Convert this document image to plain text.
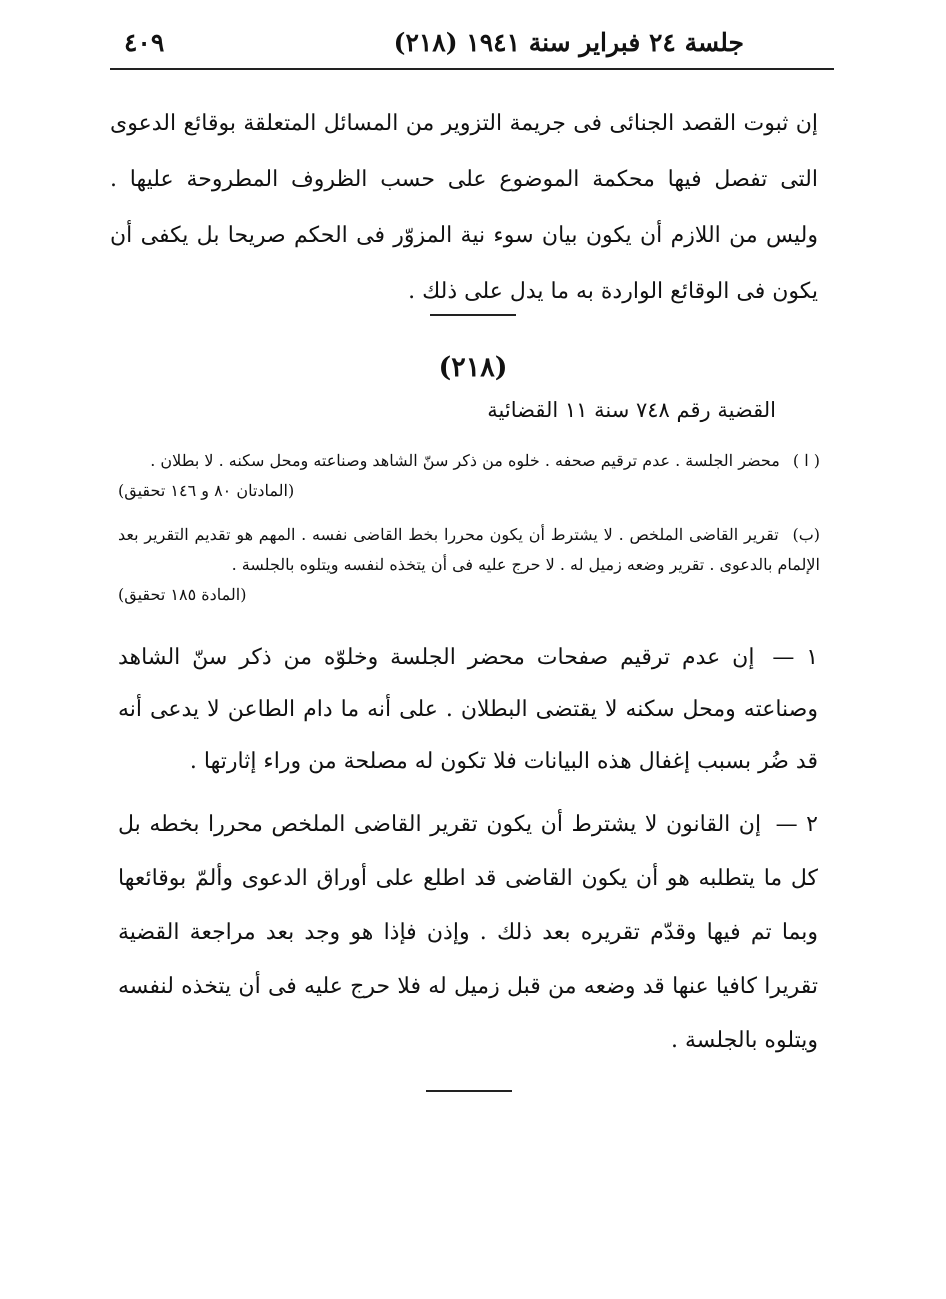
جلسة ٢٤ فبراير سنة ١٩٤١ (٢١٨)
٤٠٩

إن ثبوت القصد الجنائى فى جريمة التزوير من المسائل المتعلقة بوقائع الدعوى التى تفصل فيها محكمة الموضوع على حسب الظروف المطروحة عليها . وليس من اللازم أن يكون بيان سوء نية المزوّر فى الحكم صريحا بل يكفى أن يكون فى الوقائع الواردة به ما يدل على ذلك .

(٢١٨)
القضية رقم ٧٤٨ سنة ١١ القضائية
( ا ) محضر الجلسة . عدم ترقيم صحفه . خلوه من ذكر سنّ الشاهد وصناعته ومحل سكنه . لا بطلان .
(المادتان ٨٠ و ١٤٦ تحقيق)
(ب) تقرير القاضى الملخص . لا يشترط أن يكون محررا بخط القاضى نفسه . المهم هو تقديم التقرير بعد الإلمام بالدعوى . تقرير وضعه زميل له . لا حرج عليه فى أن يتخذه لنفسه ويتلوه بالجلسة .
(المادة ١٨٥ تحقيق)

١ — إن عدم ترقيم صفحات محضر الجلسة وخلوّه من ذكر سنّ الشاهد وصناعته ومحل سكنه لا يقتضى البطلان . على أنه ما دام الطاعن لا يدعى أنه قد ضُر بسبب إغفال هذه البيانات فلا تكون له مصلحة من وراء إثارتها .

٢ — إن القانون لا يشترط أن يكون تقرير القاضى الملخص محررا بخطه بل كل ما يتطلبه هو أن يكون القاضى قد اطلع على أوراق الدعوى وألمّ بوقائعها وبما تم فيها وقدّم تقريره بعد ذلك . وإذن فإذا هو وجد بعد مراجعة القضية تقريرا كافيا عنها قد وضعه من قبل زميل له فلا حرج عليه فى أن يتخذه لنفسه ويتلوه بالجلسة .
